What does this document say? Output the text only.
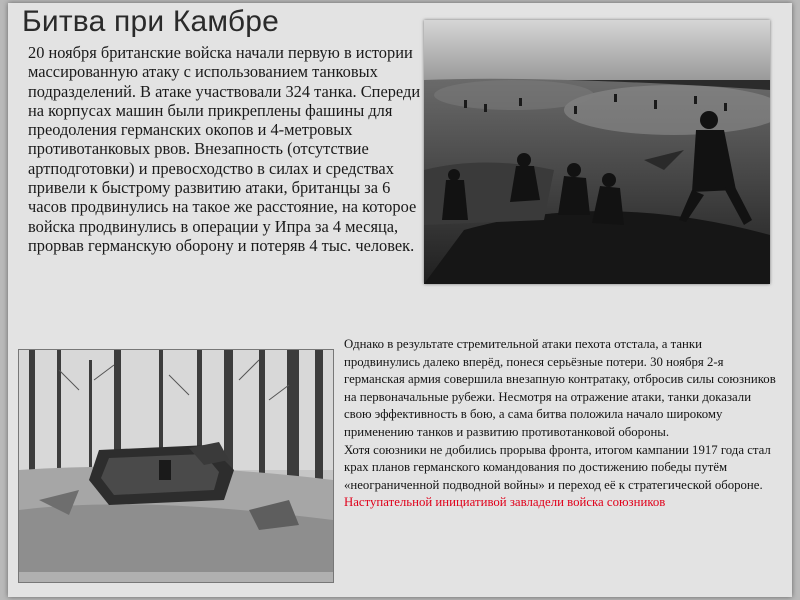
Битва при Камбре
20 ноября британские войска начали первую в истории массированную атаку с использованием танковых подразделений. В атаке участвовали 324 танка. Спереди на корпусах машин были прикреплены фашины для преодоления германских окопов и 4-метровых противотанковых рвов. Внезапность (отсутствие артподготовки) и превосходство в силах и средствах привели к быстрому развитию атаки, британцы за 6 часов продвинулись на такое же расстояние, на которое войска продвинулись в операции у Ипра за 4 месяца, прорвав германскую оборону и потеряв 4 тыс. человек.

Однако в результате стремительной атаки пехота отстала, а танки продвинулись далеко вперёд, понеся серьёзные потери. 30 ноября 2-я германская армия совершила внезапную контратаку, отбросив силы союзников на первоначальные рубежи. Несмотря на отражение атаки, танки доказали свою эффективность в бою, а сама битва положила начало широкому применению танков и развитию противотанковой обороны.

Хотя союзники не добились прорыва фронта, итогом кампании 1917 года стал крах планов германского командования по достижению победы путём «неограниченной подводной войны» и переход её к стратегической обороне.

Наступательной инициативой завладели войска союзников
